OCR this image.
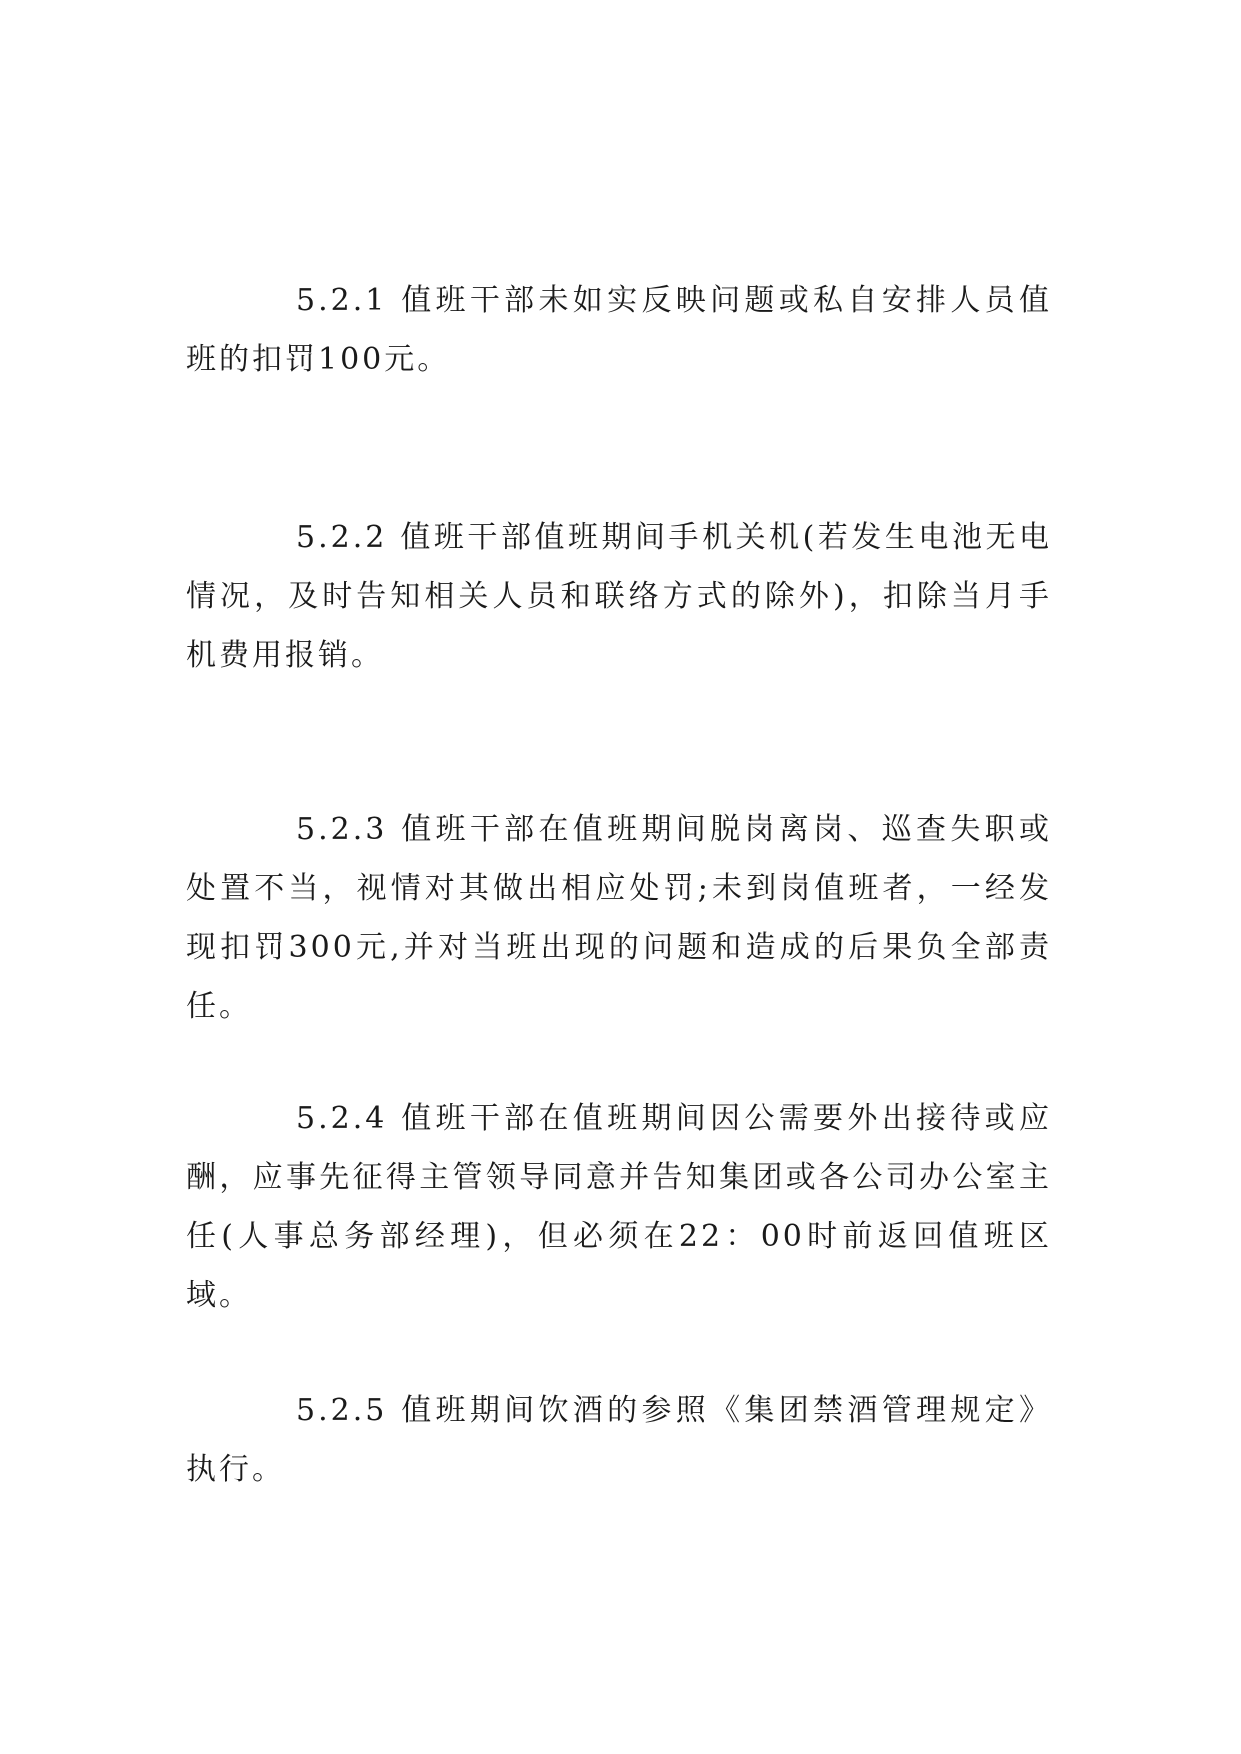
5.2.1 值班干部未如实反映问题或私自安排人员值班的扣罚100元。

5.2.2 值班干部值班期间手机关机(若发生电池无电情况，及时告知相关人员和联络方式的除外)，扣除当月手机费用报销。

5.2.3 值班干部在值班期间脱岗离岗、巡查失职或处置不当，视情对其做出相应处罚;未到岗值班者，一经发现扣罚300元,并对当班出现的问题和造成的后果负全部责任。

5.2.4 值班干部在值班期间因公需要外出接待或应酬，应事先征得主管领导同意并告知集团或各公司办公室主任(人事总务部经理)，但必须在22：00时前返回值班区域。

5.2.5 值班期间饮酒的参照《集团禁酒管理规定》执行。
